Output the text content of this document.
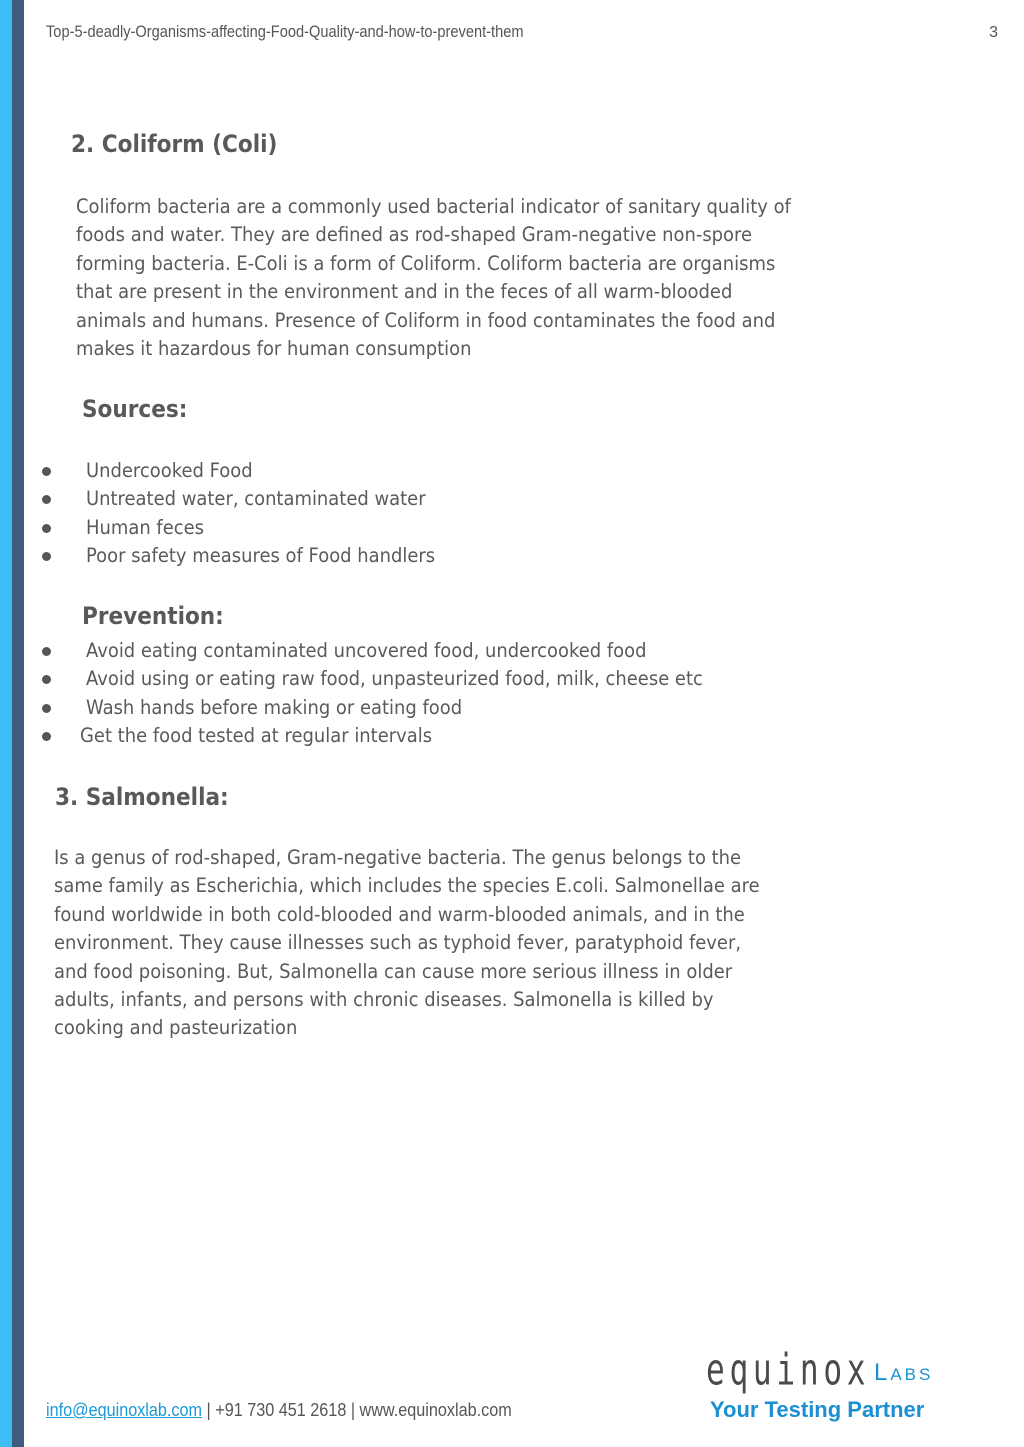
Top-5-deadly-Organisms-affecting-Food-Quality-and-how-to-prevent-them	3
2. Coliform (Coli)
Coliform bacteria are a commonly used bacterial indicator of sanitary quality of
foods and water. They are defined as rod-shaped Gram-negative non-spore
forming bacteria. E-Coli is a form of Coliform. Coliform bacteria are organisms
that are present in the environment and in the feces of all warm-blooded
animals and humans. Presence of Coliform in food contaminates the food and
makes it hazardous for human consumption
Sources:
Undercooked Food
Untreated water, contaminated water
Human feces
Poor safety measures of Food handlers
Prevention:
Avoid eating contaminated uncovered food, undercooked food
Avoid using or eating raw food, unpasteurized food, milk, cheese etc
Wash hands before making or eating food
Get the food tested at regular intervals
3. Salmonella:
Is a genus of rod-shaped, Gram-negative bacteria. The genus belongs to the
same family as Escherichia, which includes the species E.coli. Salmonellae are
found worldwide in both cold-blooded and warm-blooded animals, and in the
environment. They cause illnesses such as typhoid fever, paratyphoid fever,
and food poisoning. But, Salmonella can cause more serious illness in older
adults, infants, and persons with chronic diseases. Salmonella is killed by
cooking and pasteurization
info@equinoxlab.com | +91 730 451 2618 | www.equinoxlab.com
equinox Labs
Your Testing Partner
